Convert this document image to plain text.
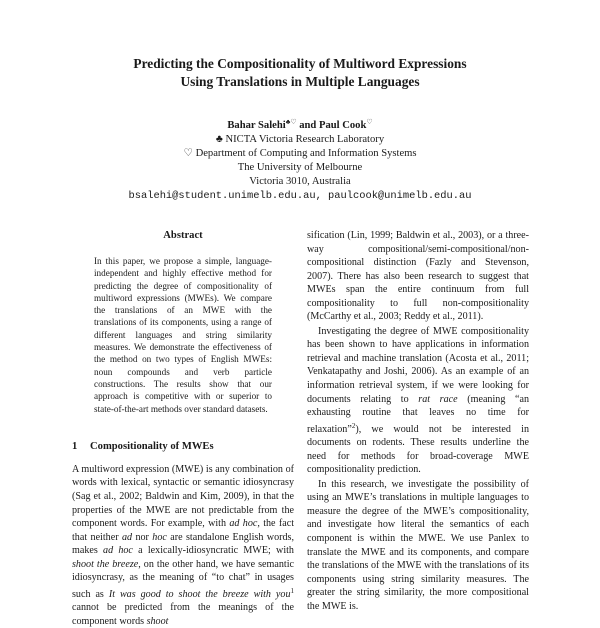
Predicting the Compositionality of Multiword Expressions
Using Translations in Multiple Languages
Bahar Salehi♣♡ and Paul Cook♡
♣ NICTA Victoria Research Laboratory
♡ Department of Computing and Information Systems
The University of Melbourne
Victoria 3010, Australia
bsalehi@student.unimelb.edu.au, paulcook@unimelb.edu.au
Abstract
In this paper, we propose a simple, language-independent and highly effective method for predicting the degree of compositionality of multiword expressions (MWEs). We compare the translations of an MWE with the translations of its components, using a range of different languages and string similarity measures. We demonstrate the effectiveness of the method on two types of English MWEs: noun compounds and verb particle constructions. The results show that our approach is competitive with or superior to state-of-the-art methods over standard datasets.
1 Compositionality of MWEs

A multiword expression (MWE) is any combination of words with lexical, syntactic or semantic idiosyncrasy (Sag et al., 2002; Baldwin and Kim, 2009), in that the properties of the MWE are not predictable from the component words. For example, with ad hoc, the fact that neither ad nor hoc are standalone English words, makes ad hoc a lexically-idiosyncratic MWE; with shoot the breeze, on the other hand, we have semantic idiosyncrasy, as the meaning of “to chat” in usages such as It was good to shoot the breeze with you$^1$ cannot be predicted from the meanings of the component words shoot

sification (Lin, 1999; Baldwin et al., 2003), or a three-way compositional/semi-compositional/non-compositional distinction (Fazly and Stevenson, 2007). There has also been research to suggest that MWEs span the entire continuum from full compositionality to full non-compositionality (McCarthy et al., 2003; Reddy et al., 2011).

Investigating the degree of MWE compositionality has been shown to have applications in information retrieval and machine translation (Acosta et al., 2011; Venkatapathy and Joshi, 2006). As an example of an information retrieval system, if we were looking for documents relating to rat race (meaning “an exhausting routine that leaves no time for relaxation”$^2$), we would not be interested in documents on rodents. These results underline the need for methods for broad-coverage MWE compositionality prediction.

In this research, we investigate the possibility of using an MWE’s translations in multiple languages to measure the degree of the MWE’s compositionality, and investigate how literal the semantics of each component is within the MWE. We use Panlex to translate the MWE and its components, and compare the translations of the MWE with the translations of its components using string similarity measures. The greater the string similarity, the more compositional the MWE is.
